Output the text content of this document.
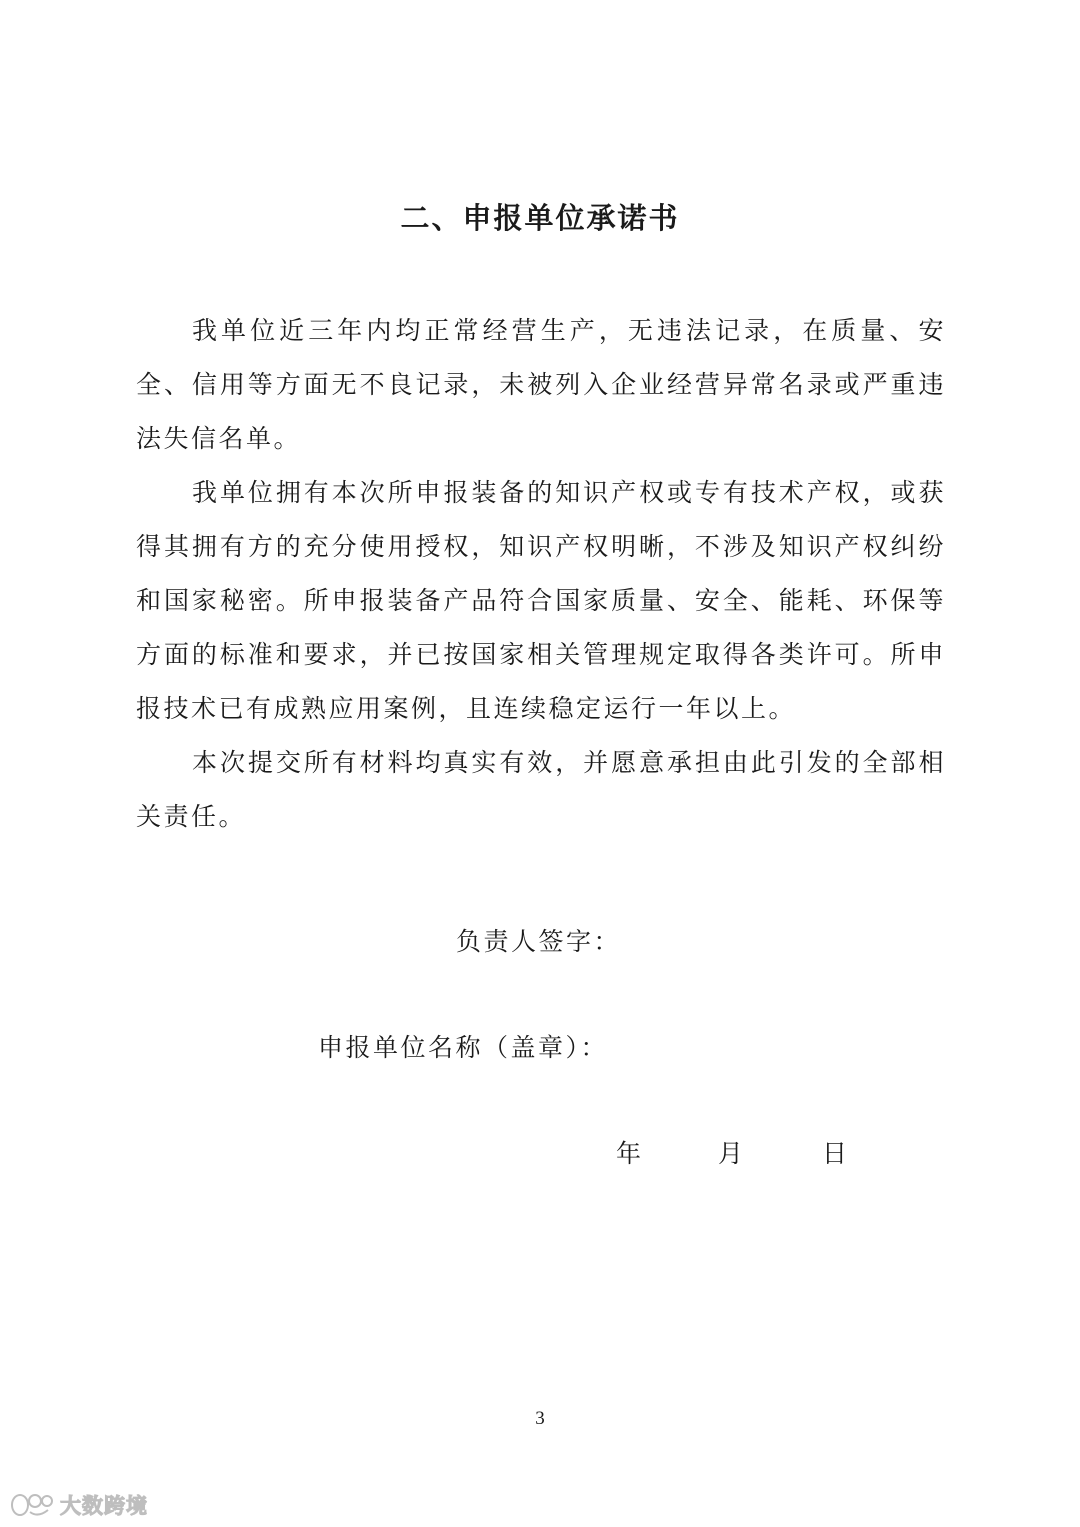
二、申报单位承诺书

我单位近三年内均正常经营生产，无违法记录，在质量、安全、信用等方面无不良记录，未被列入企业经营异常名录或严重违法失信名单。

我单位拥有本次所申报装备的知识产权或专有技术产权，或获得其拥有方的充分使用授权，知识产权明晰，不涉及知识产权纠纷和国家秘密。所申报装备产品符合国家质量、安全、能耗、环保等方面的标准和要求，并已按国家相关管理规定取得各类许可。所申报技术已有成熟应用案例，且连续稳定运行一年以上。

本次提交所有材料均真实有效，并愿意承担由此引发的全部相关责任。

负责人签字：

申报单位名称（盖章）：

年	月	日

3

大数跨境
